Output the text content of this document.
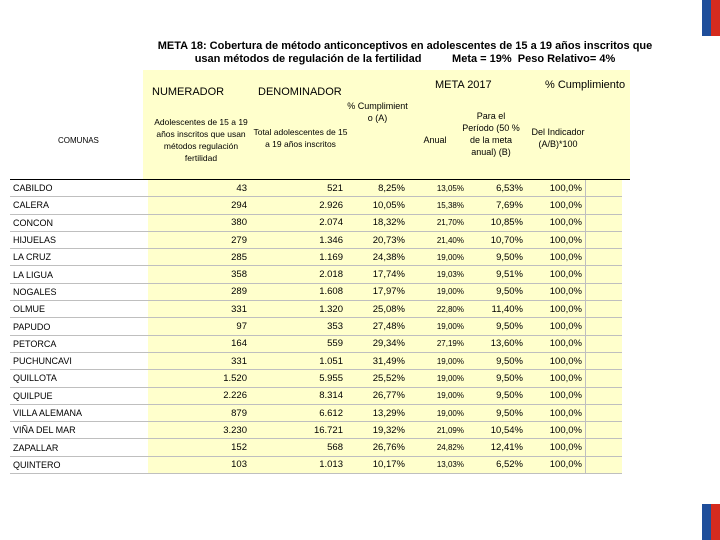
META 18: Cobertura de método anticonceptivos en adolescentes de 15 a 19 años inscritos que
usan métodos de regulación de la fertilidad          Meta = 19%  Peso Relativo= 4%
NUMERADOR	DENOMINADOR
META 2017	% Cumplimiento
COMUNAS
Adolescentes de 15 a 19 años inscritos que usan métodos regulación fertilidad
Total adolescentes de 15 a 19 años inscritos
% Cumplimient o (A)
Anual
Para el Período (50 % de la meta anual) (B)
Del Indicador (A/B)*100
CABILDO	43	521	8,25%	13,05%	6,53%	100,0%	
CALERA	294	2.926	10,05%	15,38%	7,69%	100,0%	
CONCON	380	2.074	18,32%	21,70%	10,85%	100,0%	
HIJUELAS	279	1.346	20,73%	21,40%	10,70%	100,0%	
LA CRUZ	285	1.169	24,38%	19,00%	9,50%	100,0%	
LA LIGUA	358	2.018	17,74%	19,03%	9,51%	100,0%	
NOGALES	289	1.608	17,97%	19,00%	9,50%	100,0%	
OLMUE	331	1.320	25,08%	22,80%	11,40%	100,0%	
PAPUDO	97	353	27,48%	19,00%	9,50%	100,0%	
PETORCA	164	559	29,34%	27,19%	13,60%	100,0%	
PUCHUNCAVI	331	1.051	31,49%	19,00%	9,50%	100,0%	
QUILLOTA	1.520	5.955	25,52%	19,00%	9,50%	100,0%	
QUILPUE	2.226	8.314	26,77%	19,00%	9,50%	100,0%	
VILLA ALEMANA	879	6.612	13,29%	19,00%	9,50%	100,0%	
VIÑA DEL MAR	3.230	16.721	19,32%	21,09%	10,54%	100,0%	
ZAPALLAR	152	568	26,76%	24,82%	12,41%	100,0%	
QUINTERO	103	1.013	10,17%	13,03%	6,52%	100,0%	
